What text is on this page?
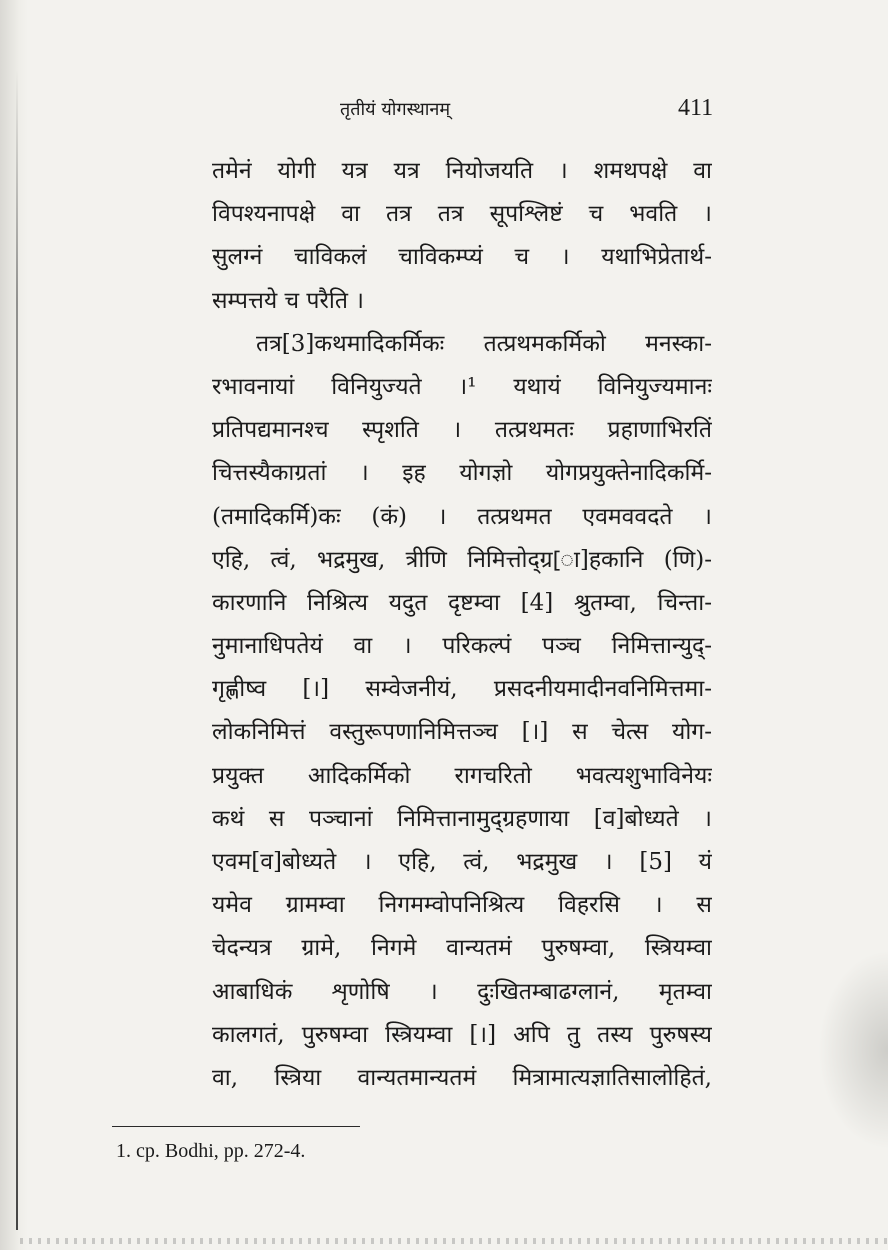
तृतीयं योगस्थानम्	411
तमेनं योगी यत्र यत्र नियोजयति । शमथपक्षे वा
विपश्यनापक्षे वा तत्र तत्र सूपश्लिष्टं च भवति ।
सुलग्नं चाविकलं चाविकम्प्यं च । यथाभिप्रेतार्थ-
सम्पत्तये च परैति ।
तत्र[3]कथमादिकर्मिकः तत्प्रथमकर्मिको मनस्का-
रभावनायां विनियुज्यते ।¹ यथायं विनियुज्यमानः
प्रतिपद्यमानश्च स्पृशति । तत्प्रथमतः प्रहाणाभिरतिं
चित्तस्यैकाग्रतां । इह योगज्ञो योगप्रयुक्तेनादिकर्मि-
(तमादिकर्मि)कः (कं) । तत्प्रथमत एवमववदते ।
एहि, त्वं, भद्रमुख, त्रीणि निमित्तोद्ग्र[ा]हकानि (णि)-
कारणानि निश्रित्य यदुत दृष्टम्वा [4] श्रुतम्वा, चिन्ता-
नुमानाधिपतेयं वा । परिकल्पं पञ्च निमित्तान्युद्-
गृह्णीष्व [।] सम्वेजनीयं, प्रसदनीयमादीनवनिमित्तमा-
लोकनिमित्तं वस्तुरूपणानिमित्तञ्च [।] स चेत्स योग-
प्रयुक्त आदिकर्मिको रागचरितो भवत्यशुभाविनेयः
कथं स पञ्चानां निमित्तानामुद्ग्रहणाया [व]बोध्यते ।
एवम[व]बोध्यते । एहि, त्वं, भद्रमुख । [5] यं
यमेव ग्रामम्वा निगमम्वोपनिश्रित्य विहरसि । स
चेदन्यत्र ग्रामे, निगमे वान्यतमं पुरुषम्वा, स्त्रियम्वा
आबाधिकं शृणोषि । दुःखितम्बाढग्लानं, मृतम्वा
कालगतं, पुरुषम्वा स्त्रियम्वा [।] अपि तु तस्य पुरुषस्य
वा, स्त्रिया वान्यतमान्यतमं मित्रामात्यज्ञातिसालोहितं,
1. cp. Bodhi, pp. 272-4.
